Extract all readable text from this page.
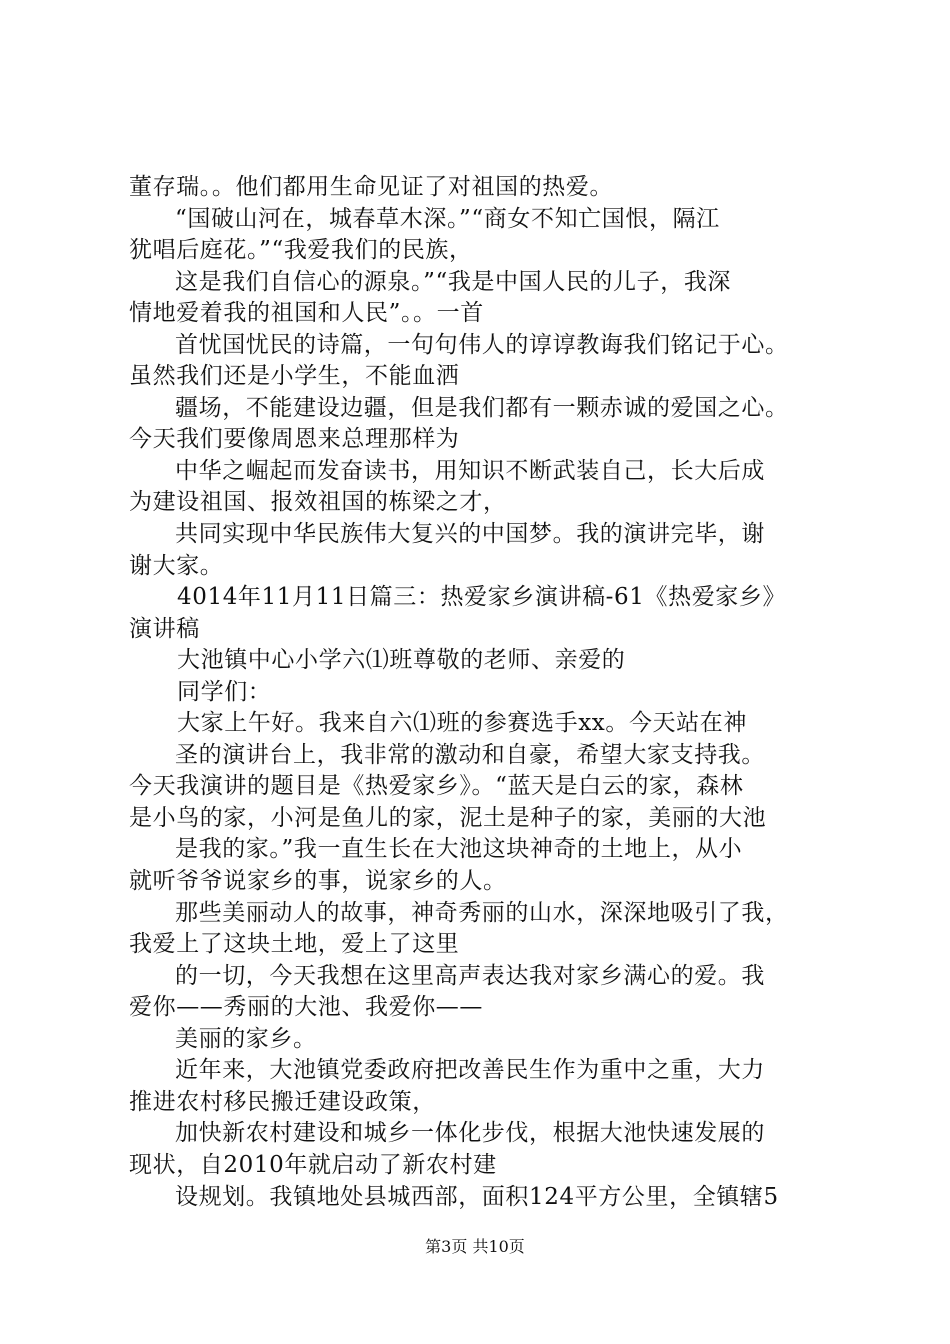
董存瑞。。他们都用生命见证了对祖国的热爱。
“国破山河在，城春草木深。”“商女不知亡国恨，隔江
犹唱后庭花。”“我爱我们的民族，
这是我们自信心的源泉。”“我是中国人民的儿子，我深
情地爱着我的祖国和人民”。。一首
首忧国忧民的诗篇，一句句伟人的谆谆教诲我们铭记于心。
虽然我们还是小学生，不能血洒
疆场，不能建设边疆，但是我们都有一颗赤诚的爱国之心。
今天我们要像周恩来总理那样为
中华之崛起而发奋读书，用知识不断武装自己，长大后成
为建设祖国、报效祖国的栋梁之才，
共同实现中华民族伟大复兴的中国梦。我的演讲完毕，谢
谢大家。
4014年11月11日篇三：热爱家乡演讲稿-61《热爱家乡》
演讲稿
大池镇中心小学六⑴班尊敬的老师、亲爱的
同学们：
大家上午好。我来自六⑴班的参赛选手xx。今天站在神
圣的演讲台上，我非常的激动和自豪，希望大家支持我。
今天我演讲的题目是《热爱家乡》。“蓝天是白云的家，森林
是小鸟的家，小河是鱼儿的家，泥土是种子的家，美丽的大池
是我的家。”我一直生长在大池这块神奇的土地上，从小
就听爷爷说家乡的事，说家乡的人。
那些美丽动人的故事，神奇秀丽的山水，深深地吸引了我，
我爱上了这块土地，爱上了这里
的一切，今天我想在这里高声表达我对家乡满心的爱。我
爱你——秀丽的大池、我爱你——
美丽的家乡。
近年来，大池镇党委政府把改善民生作为重中之重，大力
推进农村移民搬迁建设政策，
加快新农村建设和城乡一体化步伐，根据大池快速发展的
现状，自2010年就启动了新农村建
设规划。我镇地处县城西部，面积124平方公里，全镇辖5
第3页 共10页
